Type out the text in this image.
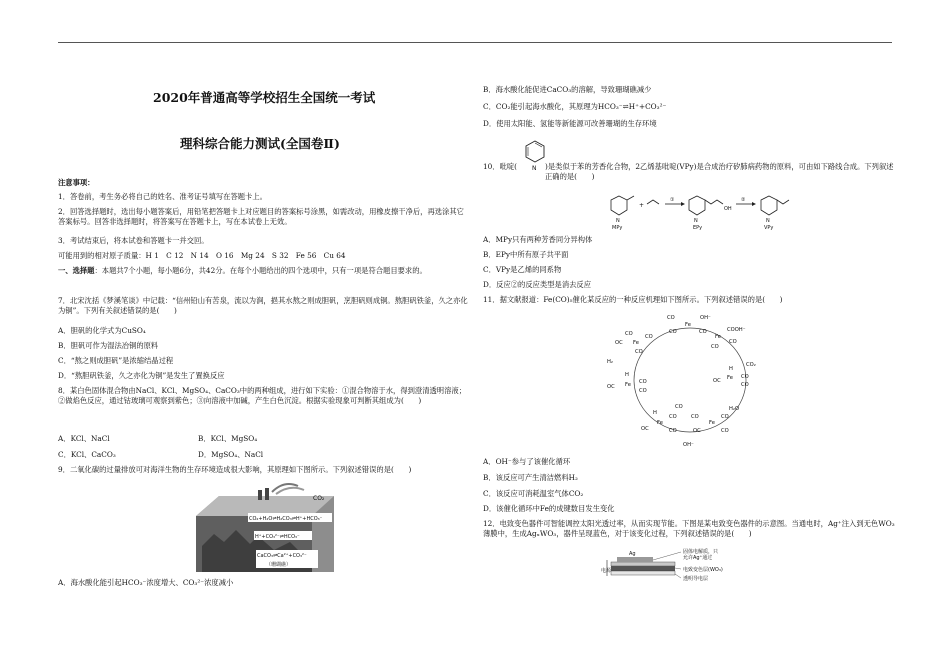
2020年普通高等学校招生全国统一考试
理科综合能力测试(全国卷Ⅱ)
注意事项：
1．答卷前，考生务必将自己的姓名、准考证号填写在答题卡上。
2．回答选择题时，选出每小题答案后，用铅笔把答题卡上对应题目的答案标号涂黑，如需改动，用橡皮擦干净后，再选涂其它答案标号。回答非选择题时，将答案写在答题卡上，写在本试卷上无效。
3．考试结束后，将本试卷和答题卡一并交回。
可能用到的相对原子质量：H 1　C 12　N 14　O 16　Mg 24　S 32　Fe 56　Cu 64
一、选择题：本题共7个小题，每小题6分，共42分。在每个小题给出的四个选项中，只有一项是符合题目要求的。
7．北宋沈括《梦溪笔谈》中记载：“信州铅山有苦泉，流以为涧，挹其水熬之则成胆矾，烹胆矾则成铜。熬胆矾铁釜，久之亦化为铜”。下列有关叙述错误的是(　　)
A．胆矾的化学式为CuSO₄
B．胆矾可作为湿法冶铜的原料
C．“熬之则成胆矾”是浓缩结晶过程
D．“熬胆矾铁釜，久之亦化为铜”是发生了置换反应
8．某白色固体混合物由NaCl、KCl、MgSO₄、CaCO₃中的两种组成，进行如下实验：①混合物溶于水，得到澄清透明溶液；②做焰色反应，通过钴玻璃可观察到紫色；③向溶液中加碱，产生白色沉淀。根据实验现象可判断其组成为(　　)
A．KCl、NaCl	B．KCl、MgSO₄
C．KCl、CaCO₃	D．MgSO₄、NaCl
9．二氧化碳的过量排放可对海洋生物的生存环境造成很大影响，其原理如下图所示。下列叙述错误的是(　　)
CO₂
CO₂+H₂O⇌H₂CO₃⇌H⁺+HCO₃⁻
H⁺+CO₃²⁻⇌HCO₃⁻
CaCO₃⇌Ca²⁺+CO₃²⁻
（珊瑚礁）
A．海水酸化能引起HCO₃⁻浓度增大、CO₃²⁻浓度减小
B．海水酸化能促进CaCO₃的溶解，导致珊瑚礁减少
C．CO₂能引起海水酸化，其原理为HCO₃⁻⇌H⁺+CO₃²⁻
D．使用太阳能、氢能等新能源可改善珊瑚的生存环境
10．吡啶( N )是类似于苯的芳香化合物，2乙烯基吡啶(VPy)是合成治疗矽肺病药物的原料，可由如下路线合成。下列叙述正确的是(　　)
N
MPy
+
①
N
OH
EPy
②
N
VPy
A．MPy只有两种芳香同分异构体
B．EPy中所有原子共平面
C．VPy是乙烯的同系物
D．反应②的反应类型是消去反应
11．据文献报道：Fe(CO)₅催化某反应的一种反应机理如下图所示。下列叙述错误的是(　　)
Fe
CO	OH⁻
CO	CO
Fe
COOH⁻
CO
CO
Fe
OC
CO CO
CO
H₂	CO₂
Fe
H
OC
CO
CO
Fe
H
OC
CO
CO
H₂O
Fe
H
OC
CO
CO
Fe
CO
OC
CO
CO
OH⁻
CO
A．OH⁻参与了该催化循环
B．该反应可产生清洁燃料H₂
C．该反应可消耗温室气体CO₂
D．该催化循环中Fe的成键数目发生变化
12．电致变色器件可智能调控太阳光透过率，从而实现节能。下图是某电致变色器件的示意图。当通电时，Ag⁺注入到无色WO₃薄膜中，生成AgₓWO₃，器件呈现蓝色，对于该变化过程，下列叙述错误的是(　　)
电源
Ag	固体电解质，只
允许Ag⁺通过
电致变色层(WO₃)
透明导电层
